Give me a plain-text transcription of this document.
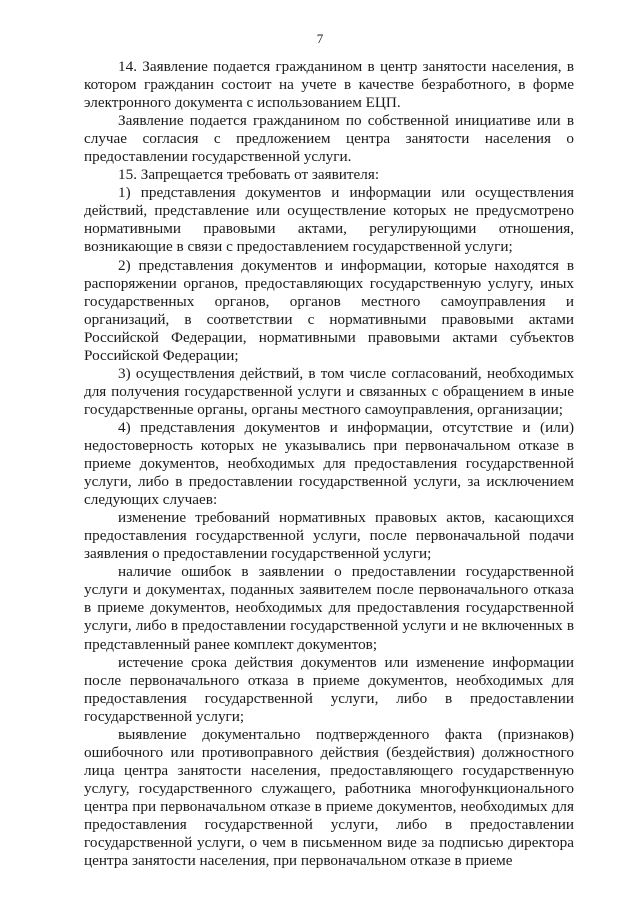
7

14. Заявление подается гражданином в центр занятости населения, в котором гражданин состоит на учете в качестве безработного, в форме электронного документа с использованием ЕЦП.

Заявление подается гражданином по собственной инициативе или в случае согласия с предложением центра занятости населения о предоставлении государственной услуги.

15. Запрещается требовать от заявителя:

1) представления документов и информации или осуществления действий, представление или осуществление которых не предусмотрено нормативными правовыми актами, регулирующими отношения, возникающие в связи с предоставлением государственной услуги;

2) представления документов и информации, которые находятся в распоряжении органов, предоставляющих государственную услугу, иных государственных органов, органов местного самоуправления и организаций, в соответствии с нормативными правовыми актами Российской Федерации, нормативными правовыми актами субъектов Российской Федерации;

3) осуществления действий, в том числе согласований, необходимых для получения государственной услуги и связанных с обращением в иные государственные органы, органы местного самоуправления, организации;

4) представления документов и информации, отсутствие и (или) недостоверность которых не указывались при первоначальном отказе в приеме документов, необходимых для предоставления государственной услуги, либо в предоставлении государственной услуги, за исключением следующих случаев:

изменение требований нормативных правовых актов, касающихся предоставления государственной услуги, после первоначальной подачи заявления о предоставлении государственной услуги;

наличие ошибок в заявлении о предоставлении государственной услуги и документах, поданных заявителем после первоначального отказа в приеме документов, необходимых для предоставления государственной услуги, либо в предоставлении государственной услуги и не включенных в представленный ранее комплект документов;

истечение срока действия документов или изменение информации после первоначального отказа в приеме документов, необходимых для предоставления государственной услуги, либо в предоставлении государственной услуги;

выявление документально подтвержденного факта (признаков) ошибочного или противоправного действия (бездействия) должностного лица центра занятости населения, предоставляющего государственную услугу, государственного служащего, работника многофункционального центра при первоначальном отказе в приеме документов, необходимых для предоставления государственной услуги, либо в предоставлении государственной услуги, о чем в письменном виде за подписью директора центра занятости населения, при первоначальном отказе в приеме
